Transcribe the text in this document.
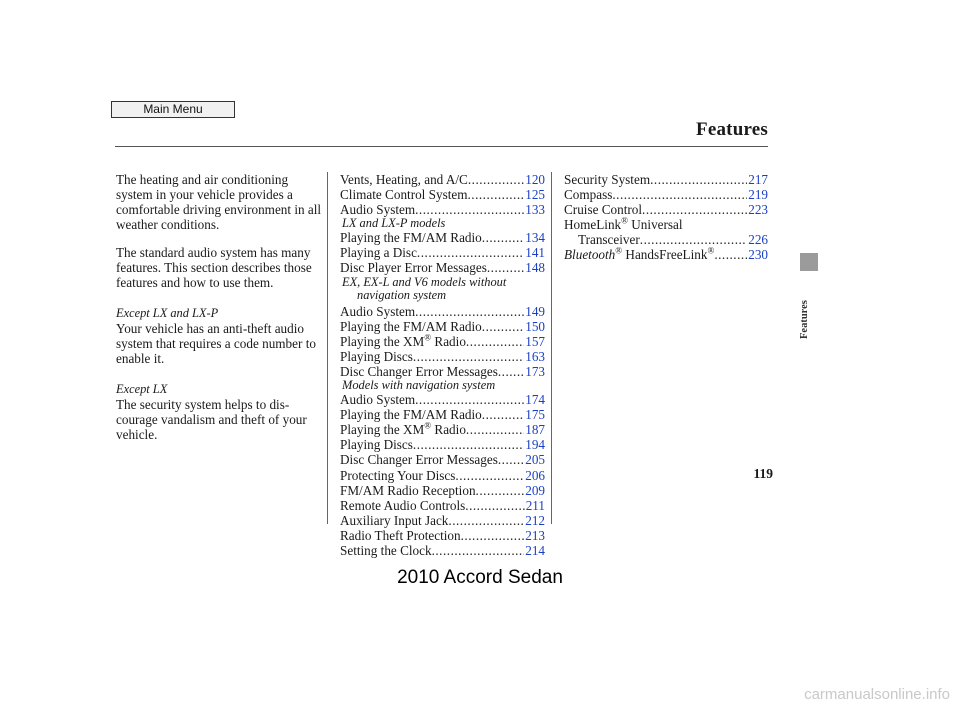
Main Menu
Features
Features

The heating and air conditioning system in your vehicle provides a comfortable driving environment in all weather conditions.

The standard audio system has many features. This section describes those features and how to use them.

Except LX and LX-P

Your vehicle has an anti-theft audio system that requires a code number to enable it.

Except LX

The security system helps to dis- courage vandalism and theft of your vehicle.

Vents, Heating, and A/C .....	120
Climate Control System .....	125
Audio System .....	133
LX and LX-P models
Playing the FM/AM Radio .....	134
Playing a Disc .....	141
Disc Player Error Messages .....	148
EX, EX-L and V6 models without
navigation system
Audio System .....	149
Playing the FM/AM Radio .....	150
Playing the XM® Radio .....	157
Playing Discs .....	163
Disc Changer Error Messages ..... 173
Models with navigation system
Audio System .....	174
Playing the FM/AM Radio .....	175
Playing the XM® Radio .....	187
Playing Discs .....	194
Disc Changer Error Messages ..... 205
Protecting Your Discs .....	206
FM/AM Radio Reception .....	209
Remote Audio Controls .....	211
Auxiliary Input Jack .....	212
Radio Theft Protection .....	213
Setting the Clock .....	214
Security System .....	217
Compass .....	219
Cruise Control .....	223
HomeLink® Universal
Transceiver .....	226
Bluetooth® HandsFreeLink® .....	230
119
2010 Accord Sedan
carmanualsonline.info
